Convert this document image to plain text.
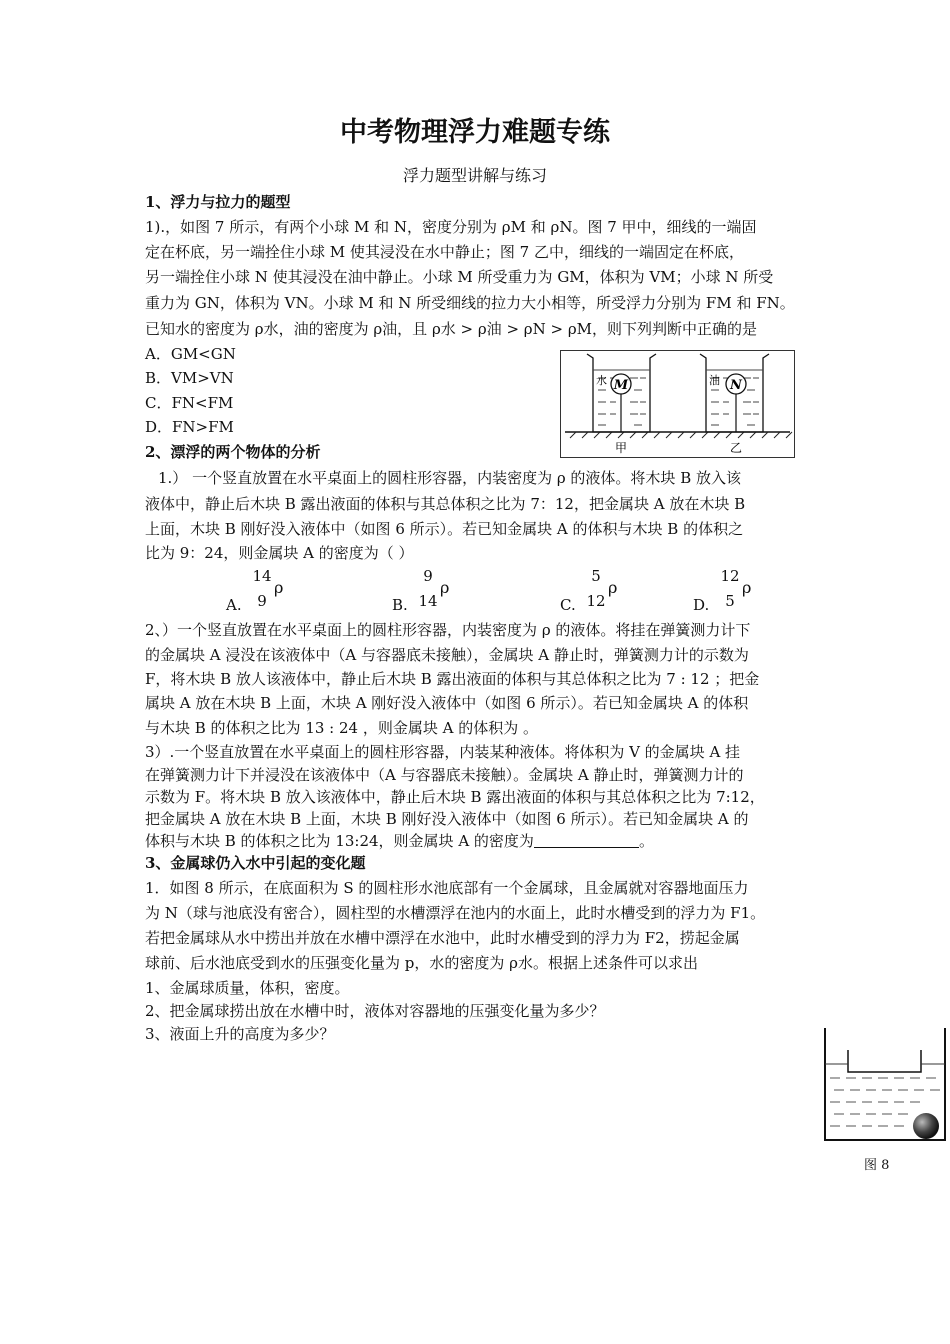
中考物理浮力难题专练
浮力题型讲解与练习
1、浮力与拉力的题型
1).，如图 7 所示，有两个小球 M 和 N，密度分别为 ρM 和 ρN。图 7 甲中，细线的一端固
定在杯底，另一端拴住小球 M 使其浸没在水中静止；图 7 乙中，细线的一端固定在杯底，
另一端拴住小球 N 使其浸没在油中静止。小球 M 所受重力为 GM，体积为 VM；小球 N 所受
重力为 GN，体积为 VN。小球 M 和 N 所受细线的拉力大小相等，所受浮力分别为 FM 和 FN。
已知水的密度为 ρ水，油的密度为 ρ油，且 ρ水 > ρ油 > ρN > ρM，则下列判断中正确的是
A．GM<GN
B．VM>VN
C．FN<FM
D．FN>FM
M
水	N
油
甲	乙
2、漂浮的两个物体的分析
1.） 一个竖直放置在水平桌面上的圆柱形容器，内装密度为 ρ 的液体。将木块 B 放入该
液体中，静止后木块 B 露出液面的体积与其总体积之比为 7：12，把金属块 A 放在木块 B
上面，木块 B 刚好没入液体中（如图 6 所示）。若已知金属块 A 的体积与木块 B 的体积之
比为 9：24，则金属块 A 的密度为（ ）
A.
14
9
ρ
B.
9
14
ρ
C.
5
12
ρ
D.
12
5
ρ
2、）一个竖直放置在水平桌面上的圆柱形容器，内装密度为 ρ 的液体。将挂在弹簧测力计下
的金属块 A 浸没在该液体中（A 与容器底未接触），金属块 A 静止时，弹簧测力计的示数为
F，将木块 B 放人该液体中，静止后木块 B 露出液面的体积与其总体积之比为 7 : 12 ；把金
属块 A 放在木块 B 上面，木块 A 刚好没入液体中（如图 6 所示）。若已知金属块 A 的体积
与木块 B 的体积之比为 13 : 24 ，则金属块 A 的体积为 。
3）.一个竖直放置在水平桌面上的圆柱形容器，内装某种液体。将体积为 V 的金属块 A 挂
在弹簧测力计下并浸没在该液体中（A 与容器底未接触）。金属块 A 静止时，弹簧测力计的
示数为 F。将木块 B 放入该液体中，静止后木块 B 露出液面的体积与其总体积之比为 7:12，
把金属块 A 放在木块 B 上面，木块 B 刚好没入液体中（如图 6 所示）。若已知金属块 A 的
体积与木块 B 的体积之比为 13:24，则金属块 A 的密度为	。
3、金属球仍入水中引起的变化题
1．如图 8 所示，在底面积为 S 的圆柱形水池底部有一个金属球，且金属就对容器地面压力
为 N（球与池底没有密合），圆柱型的水槽漂浮在池内的水面上，此时水槽受到的浮力为 F1。
若把金属球从水中捞出并放在水槽中漂浮在水池中，此时水槽受到的浮力为 F2，捞起金属
球前、后水池底受到水的压强变化量为 p，水的密度为 ρ水。根据上述条件可以求出
1、金属球质量，体积，密度。
2、把金属球捞出放在水槽中时，液体对容器地的压强变化量为多少？
3、液面上升的高度为多少？
图 8
